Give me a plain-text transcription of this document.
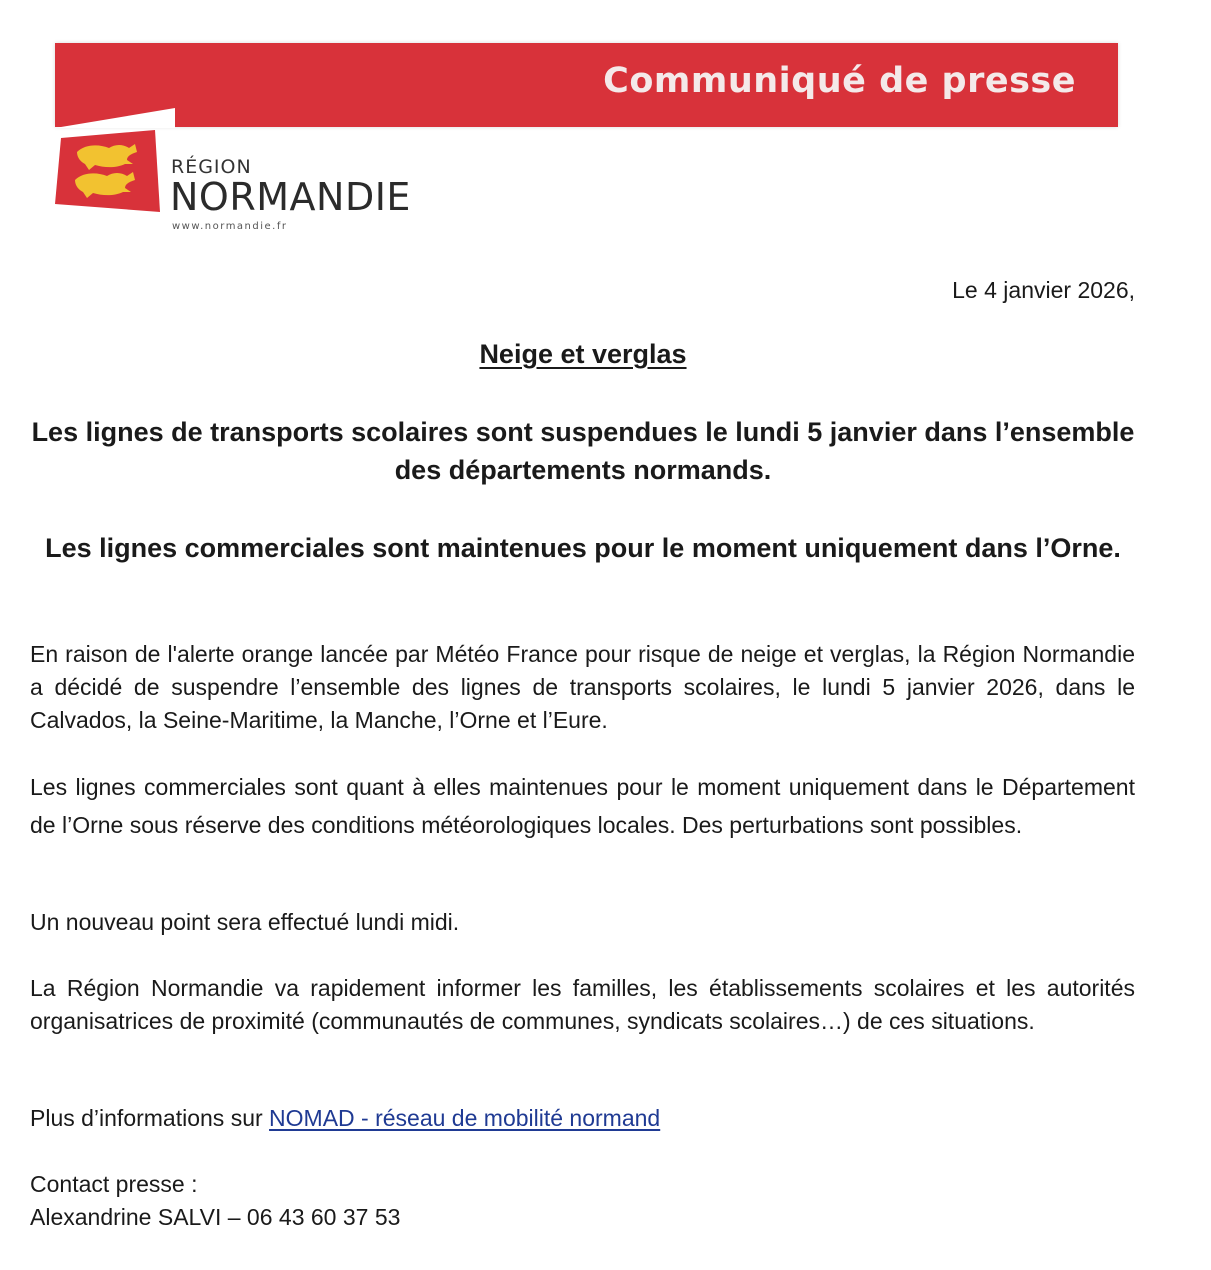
Communiqué de presse
RÉGION
NORMANDIE
www.normandie.fr
Le 4 janvier 2026,
Neige et verglas
Les lignes de transports scolaires sont suspendues le lundi 5 janvier dans l’ensemble des départements normands.
Les lignes commerciales sont maintenues pour le moment uniquement dans l’Orne.
En raison de l'alerte orange lancée par Météo France pour risque de neige et verglas, la Région Normandie a décidé de suspendre l’ensemble des lignes de transports scolaires, le lundi 5 janvier 2026, dans le Calvados, la Seine-Maritime, la Manche, l’Orne et l’Eure.
Les lignes commerciales sont quant à elles maintenues pour le moment uniquement dans le Département de l’Orne sous réserve des conditions météorologiques locales. Des perturbations sont possibles.
Un nouveau point sera effectué lundi midi.
La Région Normandie va rapidement informer les familles, les établissements scolaires et les autorités organisatrices de proximité (communautés de communes, syndicats scolaires…) de ces situations.
Plus d’informations sur NOMAD - réseau de mobilité normand
Contact presse :
Alexandrine SALVI – 06 43 60 37 53
